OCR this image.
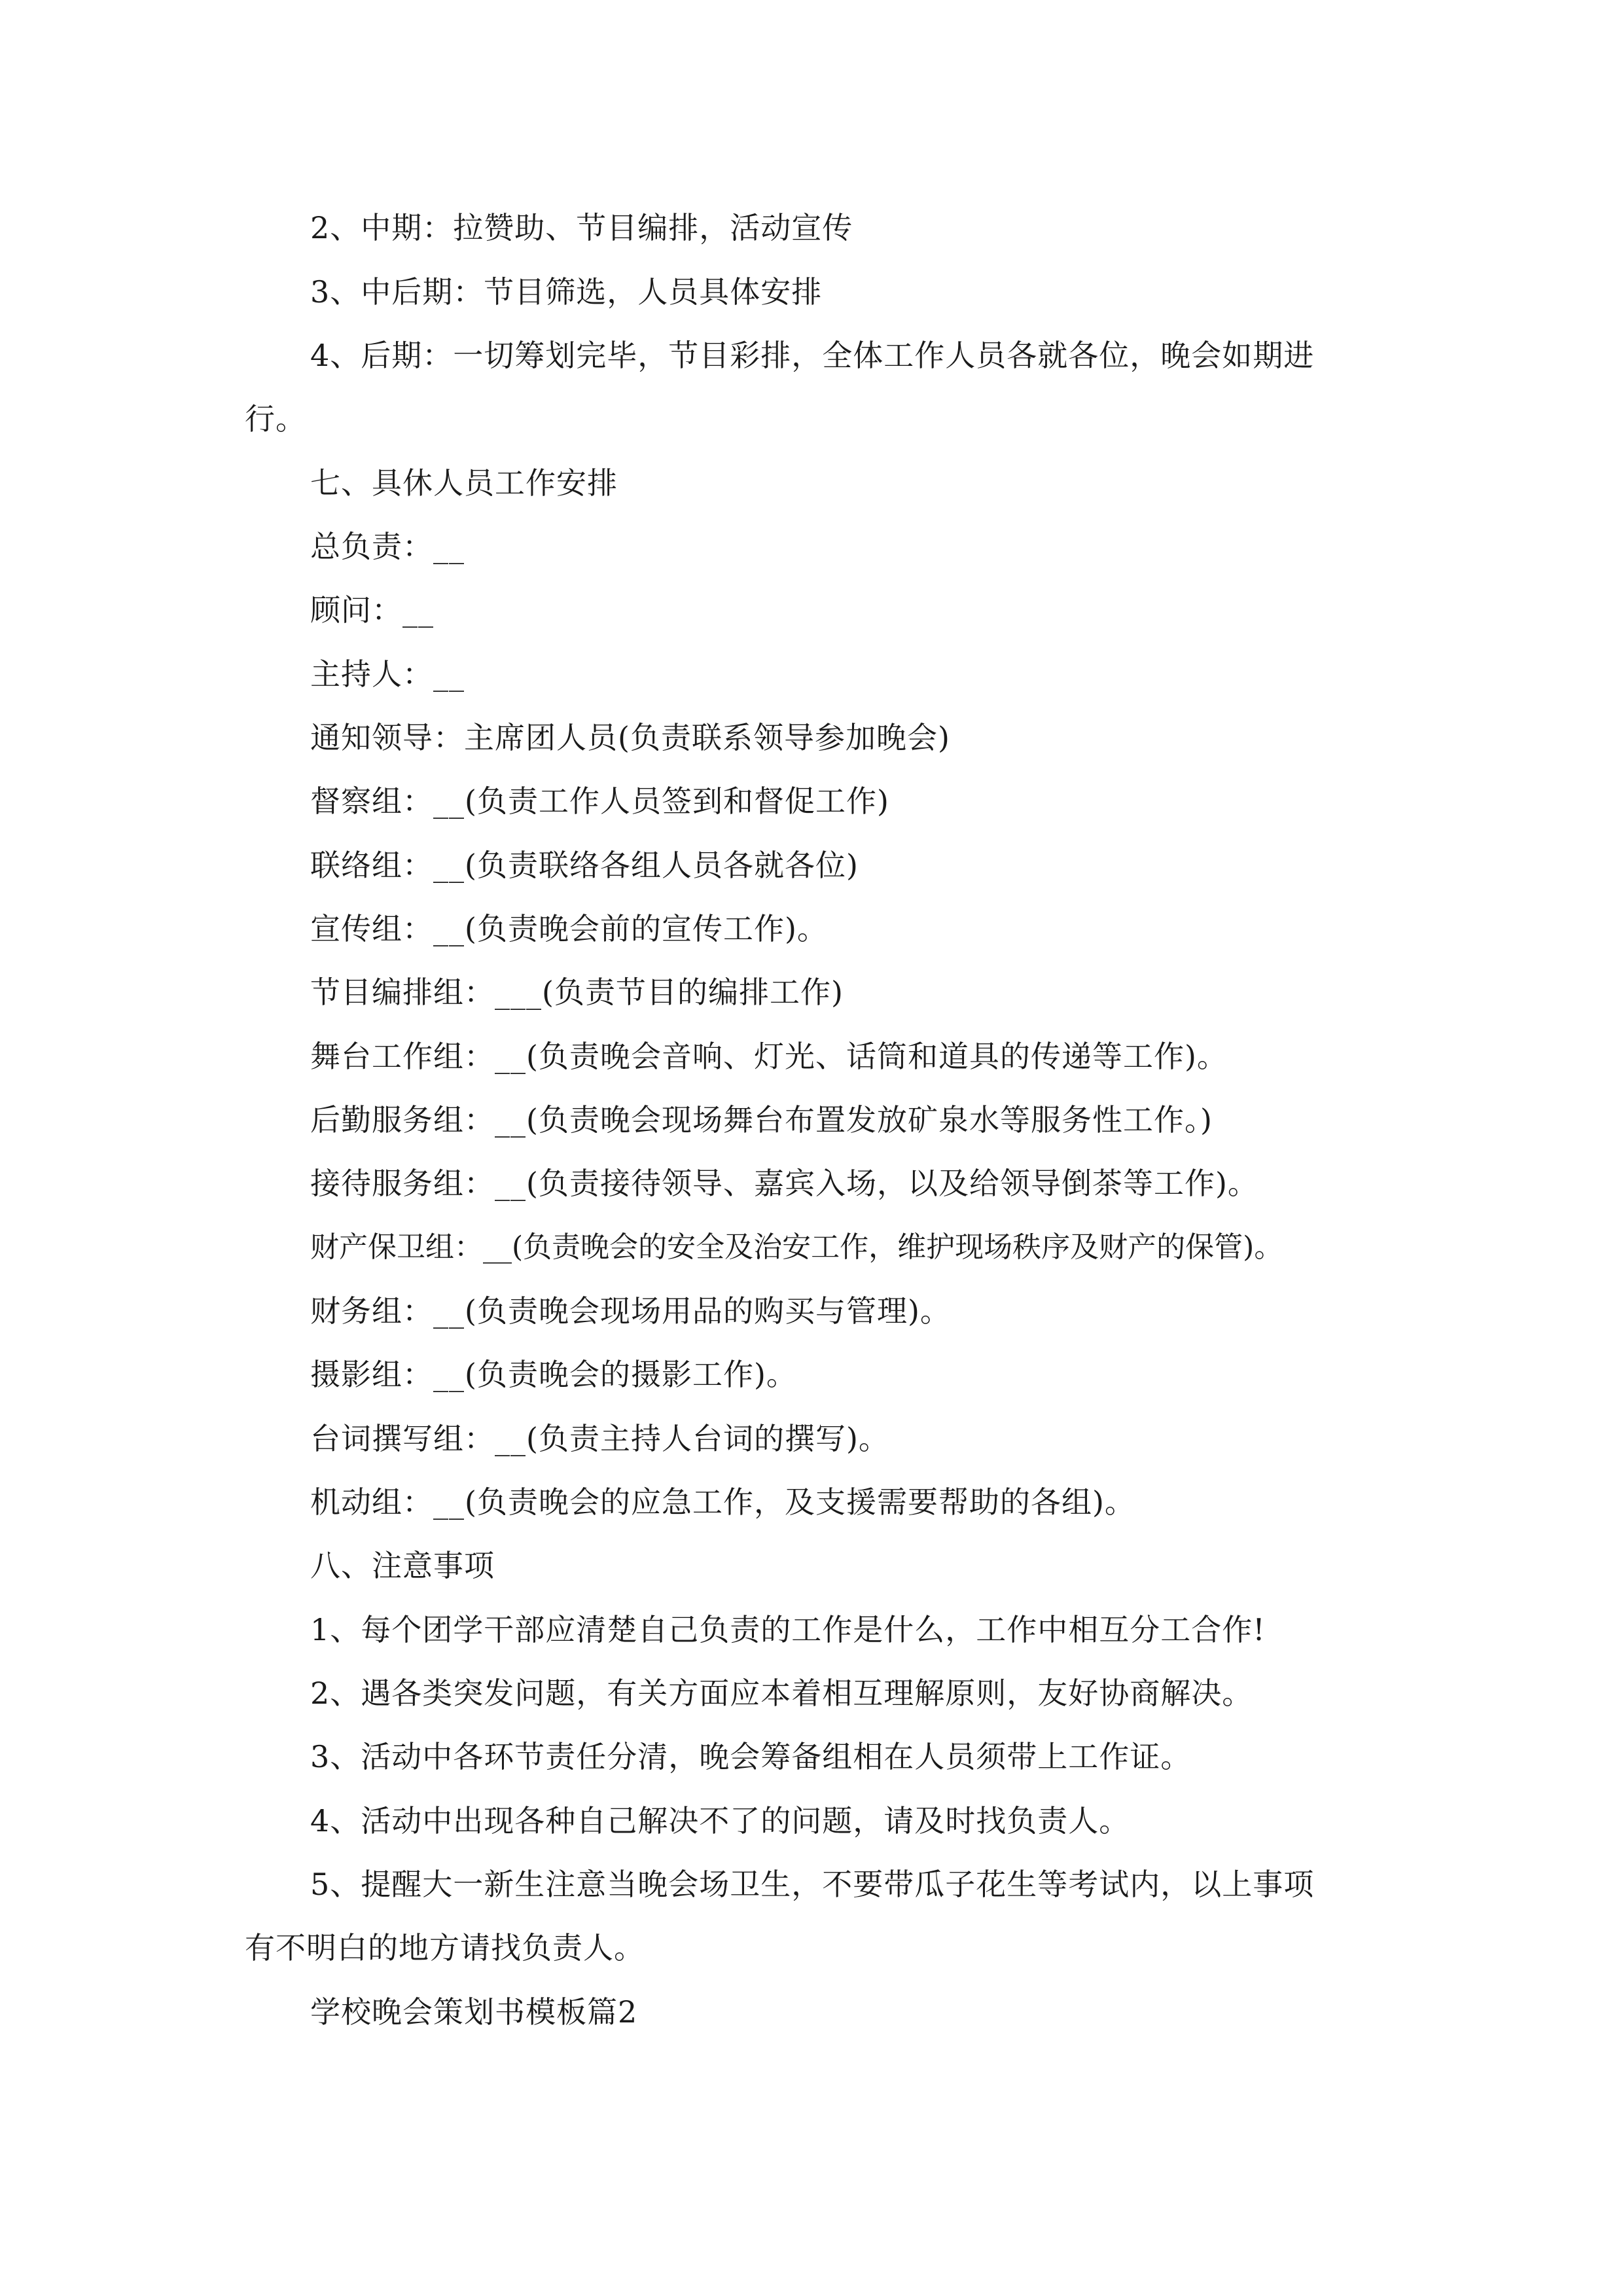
2、中期：拉赞助、节目编排，活动宣传
3、中后期：节目筛选，人员具体安排
4、后期：一切筹划完毕，节目彩排，全体工作人员各就各位，晚会如期进
行。
七、具休人员工作安排
总负责：__
顾问：__
主持人：__
通知领导：主席团人员(负责联系领导参加晚会)
督察组：__(负责工作人员签到和督促工作)
联络组：__(负责联络各组人员各就各位)
宣传组：__(负责晚会前的宣传工作)。
节目编排组：___(负责节目的编排工作)
舞台工作组：__(负责晚会音响、灯光、话筒和道具的传递等工作)。
后勤服务组：__(负责晚会现场舞台布置发放矿泉水等服务性工作。)
接待服务组：__(负责接待领导、嘉宾入场，以及给领导倒茶等工作)。
财产保卫组：__(负责晚会的安全及治安工作，维护现场秩序及财产的保管)。
财务组：__(负责晚会现场用品的购买与管理)。
摄影组：__(负责晚会的摄影工作)。
台词撰写组：__(负责主持人台词的撰写)。
机动组：__(负责晚会的应急工作，及支援需要帮助的各组)。
八、注意事项
1、每个团学干部应清楚自己负责的工作是什么，工作中相互分工合作!
2、遇各类突发问题，有关方面应本着相互理解原则，友好协商解决。
3、活动中各环节责任分清，晚会筹备组相在人员须带上工作证。
4、活动中出现各种自己解决不了的问题，请及时找负责人。
5、提醒大一新生注意当晚会场卫生，不要带瓜子花生等考试内，以上事项
有不明白的地方请找负责人。
学校晚会策划书模板篇2
